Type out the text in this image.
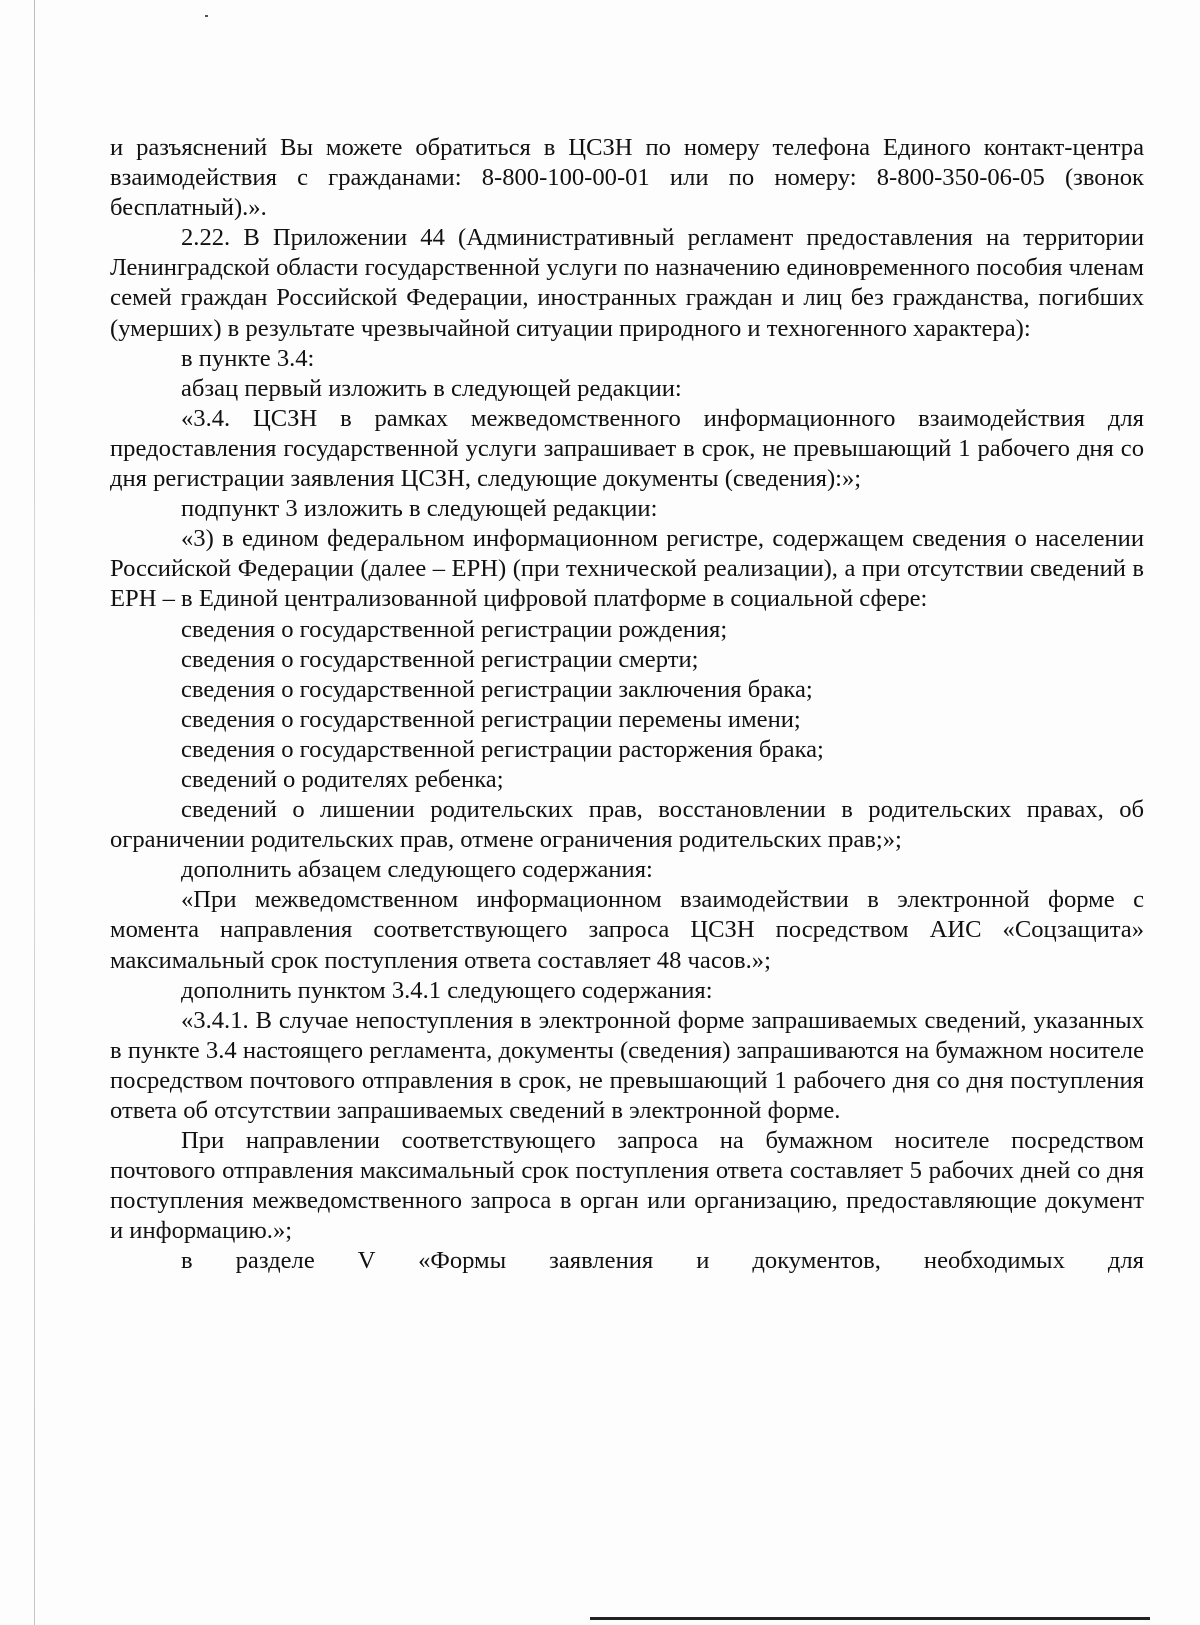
и разъяснений Вы можете обратиться в ЦСЗН по номеру телефона Единого контакт-центра взаимодействия с гражданами: 8-800-100-00-01 или по номеру: 8-800-350-06-05 (звонок бесплатный).».

2.22. В Приложении 44 (Административный регламент предоставления на территории Ленинградской области государственной услуги по назначению единовременного пособия членам семей граждан Российской Федерации, иностранных граждан и лиц без гражданства, погибших (умерших) в результате чрезвычайной ситуации природного и техногенного характера):

в пункте 3.4:

абзац первый изложить в следующей редакции:

«3.4. ЦСЗН в рамках межведомственного информационного взаимодействия для предоставления государственной услуги запрашивает в срок, не превышающий 1 рабочего дня со дня регистрации заявления ЦСЗН, следующие документы (сведения):»;

подпункт 3 изложить в следующей редакции:

«3) в едином федеральном информационном регистре, содержащем сведения о населении Российской Федерации (далее – ЕРН) (при технической реализации), а при отсутствии сведений в ЕРН – в Единой централизованной цифровой платформе в социальной сфере:

сведения о государственной регистрации рождения;

сведения о государственной регистрации смерти;

сведения о государственной регистрации заключения брака;

сведения о государственной регистрации перемены имени;

сведения о государственной регистрации расторжения брака;

сведений о родителях ребенка;

сведений о лишении родительских прав, восстановлении в родительских правах, об ограничении родительских прав, отмене ограничения родительских прав;»;

дополнить абзацем следующего содержания:

«При межведомственном информационном взаимодействии в электронной форме с момента направления соответствующего запроса ЦСЗН посредством АИС «Соцзащита» максимальный срок поступления ответа составляет 48 часов.»;

дополнить пунктом 3.4.1 следующего содержания:

«3.4.1. В случае непоступления в электронной форме запрашиваемых сведений, указанных в пункте 3.4 настоящего регламента, документы (сведения) запрашиваются на бумажном носителе посредством почтового отправления в срок, не превышающий 1 рабочего дня со дня поступления ответа об отсутствии запрашиваемых сведений в электронной форме.

При направлении соответствующего запроса на бумажном носителе посредством почтового отправления максимальный срок поступления ответа составляет 5 рабочих дней со дня поступления межведомственного запроса в орган или организацию, предоставляющие документ и информацию.»;

в разделе V «Формы заявления и документов, необходимых для
